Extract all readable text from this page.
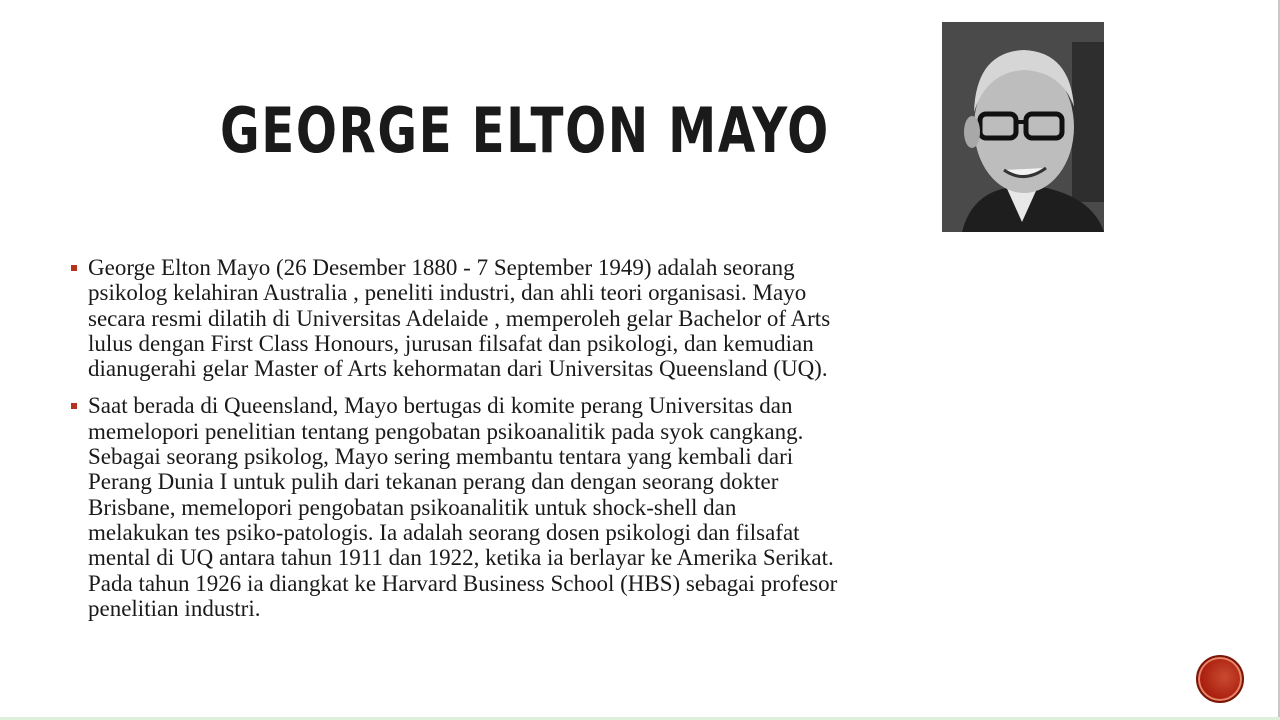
GEORGE ELTON MAYO
George Elton Mayo (26 Desember 1880 - 7 September 1949) adalah seorang
psikolog kelahiran Australia , peneliti industri, dan ahli teori organisasi. Mayo
secara resmi dilatih di Universitas Adelaide , memperoleh gelar Bachelor of Arts
lulus dengan First Class Honours, jurusan filsafat dan psikologi, dan kemudian
dianugerahi gelar Master of Arts kehormatan dari Universitas Queensland (UQ).
Saat berada di Queensland, Mayo bertugas di komite perang Universitas dan
memelopori penelitian tentang pengobatan psikoanalitik pada syok cangkang.
Sebagai seorang psikolog, Mayo sering membantu tentara yang kembali dari
Perang Dunia I untuk pulih dari tekanan perang dan dengan seorang dokter
Brisbane, memelopori pengobatan psikoanalitik untuk shock-shell dan
melakukan tes psiko-patologis. Ia adalah seorang dosen psikologi dan filsafat
mental di UQ antara tahun 1911 dan 1922, ketika ia berlayar ke Amerika Serikat.
Pada tahun 1926 ia diangkat ke Harvard Business School (HBS) sebagai profesor
penelitian industri.
